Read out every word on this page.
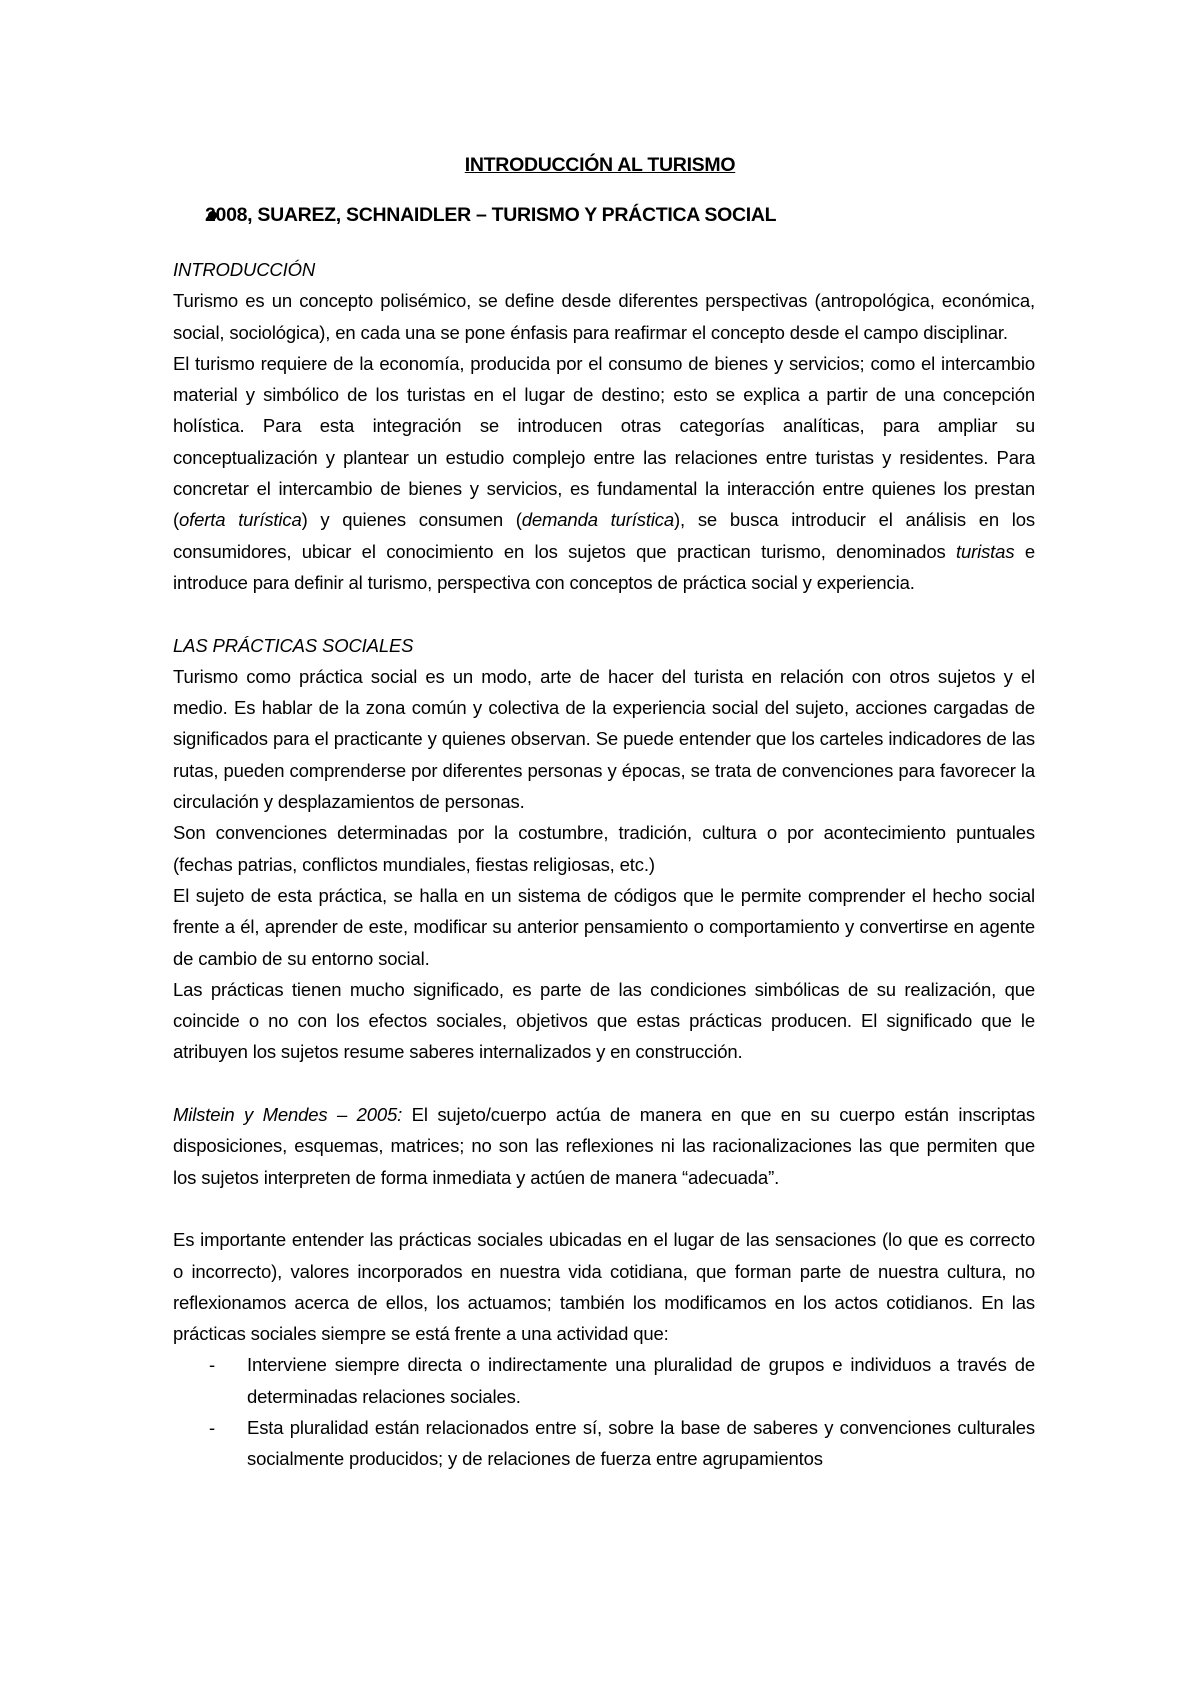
INTRODUCCIÓN AL TURISMO
2008, SUAREZ, SCHNAIDLER – TURISMO Y PRÁCTICA SOCIAL

INTRODUCCIÓN

Turismo es un concepto polisémico, se define desde diferentes perspectivas (antropológica, económica, social, sociológica), en cada una se pone énfasis para reafirmar el concepto desde el campo disciplinar.

El turismo requiere de la economía, producida por el consumo de bienes y servicios; como el intercambio material y simbólico de los turistas en el lugar de destino; esto se explica a partir de una concepción holística. Para esta integración se introducen otras categorías analíticas, para ampliar su conceptualización y plantear un estudio complejo entre las relaciones entre turistas y residentes. Para concretar el intercambio de bienes y servicios, es fundamental la interacción entre quienes los prestan (oferta turística) y quienes consumen (demanda turística), se busca introducir el análisis en los consumidores, ubicar el conocimiento en los sujetos que practican turismo, denominados turistas e introduce para definir al turismo, perspectiva con conceptos de práctica social y experiencia.

LAS PRÁCTICAS SOCIALES

Turismo como práctica social es un modo, arte de hacer del turista en relación con otros sujetos y el medio. Es hablar de la zona común y colectiva de la experiencia social del sujeto, acciones cargadas de significados para el practicante y quienes observan. Se puede entender que los carteles indicadores de las rutas, pueden comprenderse por diferentes personas y épocas, se trata de convenciones para favorecer la circulación y desplazamientos de personas.

Son convenciones determinadas por la costumbre, tradición, cultura o por acontecimiento puntuales (fechas patrias, conflictos mundiales, fiestas religiosas, etc.)

El sujeto de esta práctica, se halla en un sistema de códigos que le permite comprender el hecho social frente a él, aprender de este, modificar su anterior pensamiento o comportamiento y convertirse en agente de cambio de su entorno social.

Las prácticas tienen mucho significado, es parte de las condiciones simbólicas de su realización, que coincide o no con los efectos sociales, objetivos que estas prácticas producen. El significado que le atribuyen los sujetos resume saberes internalizados y en construcción.

Milstein y Mendes – 2005: El sujeto/cuerpo actúa de manera en que en su cuerpo están inscriptas disposiciones, esquemas, matrices; no son las reflexiones ni las racionalizaciones las que permiten que los sujetos interpreten de forma inmediata y actúen de manera “adecuada”.

Es importante entender las prácticas sociales ubicadas en el lugar de las sensaciones (lo que es correcto o incorrecto), valores incorporados en nuestra vida cotidiana, que forman parte de nuestra cultura, no reflexionamos acerca de ellos, los actuamos; también los modificamos en los actos cotidianos. En las prácticas sociales siempre se está frente a una actividad que:

- Interviene siempre directa o indirectamente una pluralidad de grupos e individuos a través de determinadas relaciones sociales.
- Esta pluralidad están relacionados entre sí, sobre la base de saberes y convenciones culturales socialmente producidos; y de relaciones de fuerza entre agrupamientos
